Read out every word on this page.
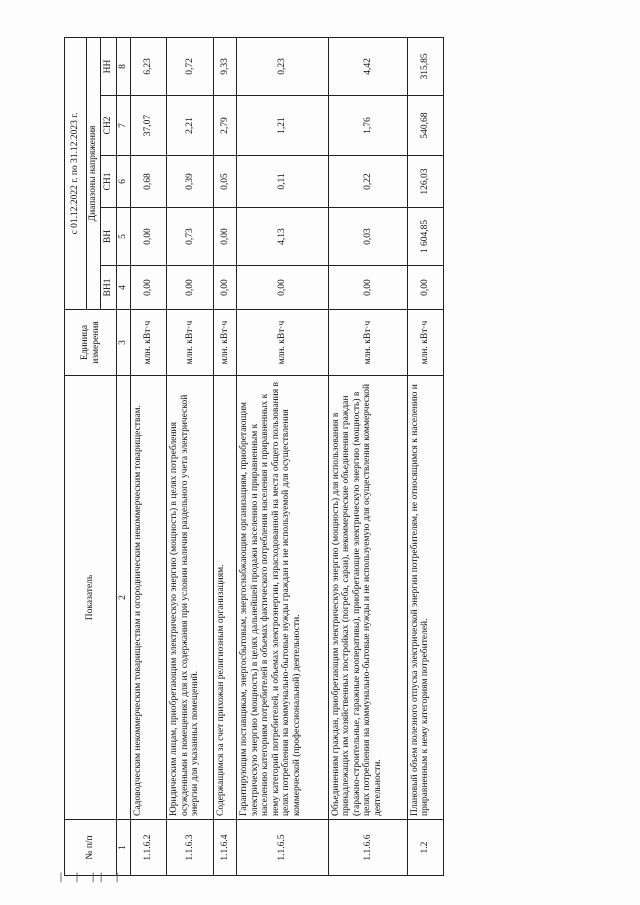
№ п/п	Показатель	Единица измерения	с 01.12.2022 г. по 31.12.2023 г.				
			Диапазоны напряжения				
			ВН1	ВН	СН1	СН2	НН
1	2	3	4	5	6	7	8
1.1.6.2	Садоводческим некоммерческим товариществам и огородническим некоммерческим товариществам.	млн. кВт·ч	0,00	0,00	0,68	37,07	6,23
1.1.6.3	Юридическим лицам, приобретающим электрическую энергию (мощность) в целях потребления осужденными в помещениях для их содержания при условии наличия раздельного учета электрической энергии для указанных помещений.	млн. кВт·ч	0,00	0,73	0,39	2,21	0,72
1.1.6.4	Содержащимся за счет прихожан религиозным организациям.	млн. кВт·ч	0,00	0,00	0,05	2,79	9,33
1.1.6.5	Гарантирующим поставщикам, энергосбытовым, энергоснабжающим организациям, приобретающим электрическую энергию (мощность) в целях дальнейшей продажи населению и приравненным к населению категориям потребителей в объемах фактического потребления населения и приравненных к нему категорий потребителей, и объемах электроэнергии, израсходованной на места общего пользования в целях потребления на коммунально-бытовые нужды граждан и не используемой для осуществления коммерческой (профессиональной) деятельности.	млн. кВт·ч	0,00	4,13	0,11	1,21	0,23
1.1.6.6	Объединениям граждан, приобретающим электрическую энергию (мощность) для использования в принадлежащих им хозяйственных постройках (погреба, сараи), некоммерческие объединения граждан (гаражно-строительные, гаражные кооперативы), приобретающие электрическую энергию (мощность) в целях потребления на коммунально-бытовые нужды и не используемую для осуществления коммерческой деятельности.	млн. кВт·ч	0,00	0,03	0,22	1,76	4,42
1.2	Плановый объем полезного отпуска электрической энергии потребителям, не относящимся к населению и приравненным к нему категориям потребителей.	млн. кВт·ч	0,00	1 604,85	126,03	540,68	315,85
| | || |
